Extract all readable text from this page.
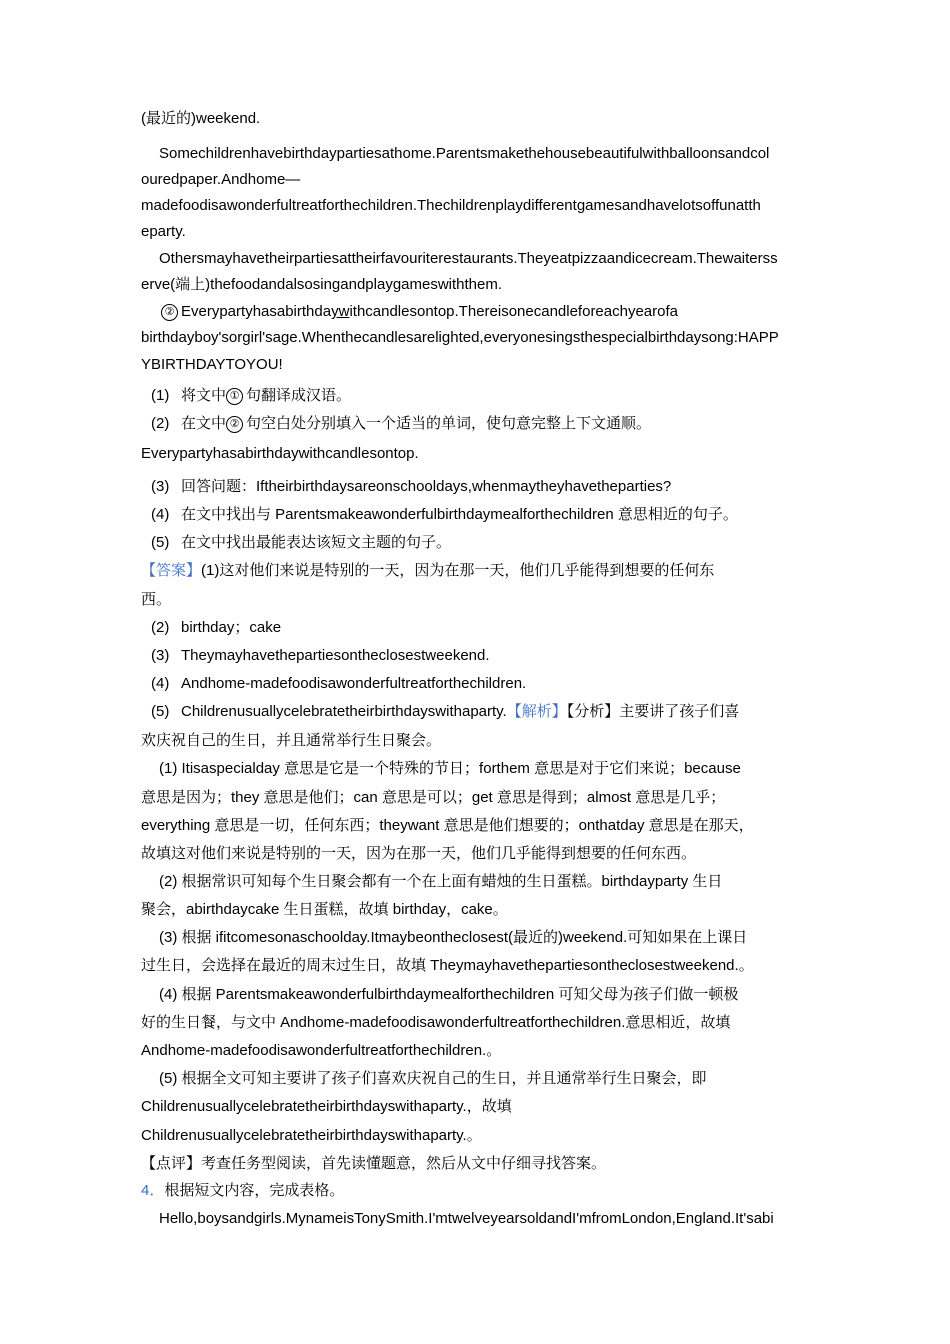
(最近的)weekend.
Somechildrenhavebirthdaypartiesathome.Parentsmakethehousebeautifulwithballoonsandcol
ouredpaper.Andhome—
madefoodisawonderfultreatforthechildren.Thechildrenplaydifferentgamesandhavelotsoffunatth
eparty.
Othersmayhavetheirpartiesattheirfavouriterestaurants.Theyeatpizzaandicecream.Thewaiterss
erve(端上)thefoodandalsosingandplaygameswiththem.
② Everypartyhasabirthdaywithcandlesontop.Thereisonecandleforeachyearofa
birthdayboy'sorgirl'sage.Whenthecandlesarelighted,everyonesingsthespecialbirthdaysong:HAPP
YBIRTHDAYTOYOU!
(1) 将文中 ① 句翻译成汉语。
(2) 在文中 ② 句空白处分别填入一个适当的单词，使句意完整上下文通顺。
Everypartyhasabirthdaywithcandlesontop.
(3) 回答问题：Iftheirbirthdaysareonschooldays,whenmaytheyhavetheparties?
(4) 在文中找出与 Parentsmakeawonderfulbirthdaymealforthechildren 意思相近的句子。
(5) 在文中找出最能表达该短文主题的句子。
【答案】(1)这对他们来说是特别的一天，因为在那一天，他们几乎能得到想要的任何东
西。
(2) birthday；cake
(3) Theymayhavethepartiesontheclosestweekend.
(4) Andhome-madefoodisawonderfultreatforthechildren.
(5) Childrenusuallycelebratetheirbirthdayswithaparty.【解析】【分析】主要讲了孩子们喜
欢庆祝自己的生日，并且通常举行生日聚会。
(1) Itisaspecialday 意思是它是一个特殊的节日；forthem 意思是对于它们来说；because
意思是因为；they 意思是他们；can 意思是可以；get 意思是得到；almost 意思是几乎；
everything 意思是一切，任何东西；theywant 意思是他们想要的；onthatday 意思是在那天，
故填这对他们来说是特别的一天，因为在那一天，他们几乎能得到想要的任何东西。
(2) 根据常识可知每个生日聚会都有一个在上面有蜡烛的生日蛋糕。birthdayparty 生日
聚会，abirthdaycake 生日蛋糕，故填 birthday，cake。
(3) 根据 ifitcomesonaschoolday.Itmaybeontheclosest(最近的)weekend.可知如果在上课日
过生日，会选择在最近的周末过生日，故填 Theymayhavethepartiesontheclosestweekend.。
(4) 根据 Parentsmakeawonderfulbirthdaymealforthechildren 可知父母为孩子们做一顿极
好的生日餐，与文中 Andhome-madefoodisawonderfultreatforthechildren.意思相近，故填
Andhome-madefoodisawonderfultreatforthechildren.。
(5) 根据全文可知主要讲了孩子们喜欢庆祝自己的生日，并且通常举行生日聚会，即
Childrenusuallycelebratetheirbirthdayswithaparty.，故填
Childrenusuallycelebratetheirbirthdayswithaparty.。
【点评】考查任务型阅读，首先读懂题意，然后从文中仔细寻找答案。
4．根据短文内容，完成表格。
Hello,boysandgirls.MynameisTonySmith.I'mtwelveyearsoldandI'mfromLondon,England.It'sabi
